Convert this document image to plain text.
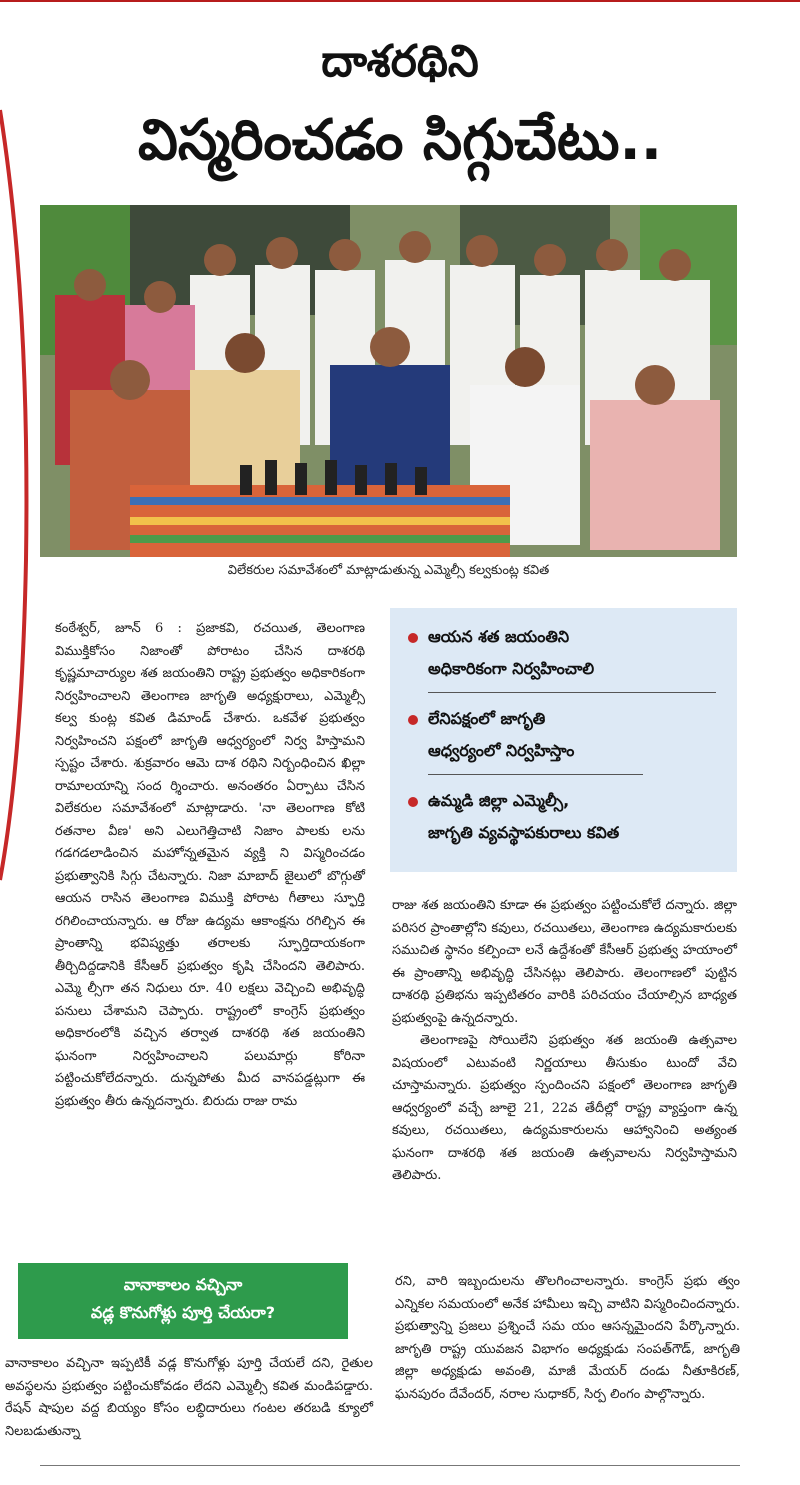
దాశరథిని
విస్మరించడం సిగ్గుచేటు..
విలేకరుల సమావేశంలో మాట్లాడుతున్న ఎమ్మెల్సీ కల్వకుంట్ల కవిత

కంఠేశ్వర్, జూన్ 6 : ప్రజాకవి, రచయిత, తెలంగాణ విముక్తికోసం నిజాంతో పోరాటం చేసిన దాశరథి కృష్ణమాచార్యుల శత జయంతిని రాష్ట్ర ప్రభుత్వం అధికారికంగా నిర్వహించాలని తెలంగాణ జాగృతి అధ్యక్షురాలు, ఎమ్మెల్సీ కల్వ కుంట్ల కవిత డిమాండ్ చేశారు. ఒకవేళ ప్రభుత్వం నిర్వహించని పక్షంలో జాగృతి ఆధ్వర్యంలో నిర్వ హిస్తామని స్పష్టం చేశారు. శుక్రవారం ఆమె దాశ రథిని నిర్బంధించిన ఖిల్లా రామాలయాన్ని సంద ర్శించారు. అనంతరం ఏర్పాటు చేసిన విలేకరుల సమావేశంలో మాట్లాడారు. 'నా తెలంగాణ కోటి రతనాల వీణ' అని ఎలుగెత్తిచాటి నిజాం పాలకు లను గడగడలాడించిన మహోన్నతమైన వ్యక్తి ని విస్మరించడం ప్రభుత్వానికి సిగ్గు చేటన్నారు. నిజా మాబాద్ జైలులో బొగ్గుతో ఆయన రాసిన తెలంగాణ విముక్తి పోరాట గీతాలు స్ఫూర్తి రగిలించాయన్నారు. ఆ రోజు ఉద్యమ ఆకాంక్షను రగిల్చిన ఈ ప్రాంతాన్ని భవిష్యత్తు తరాలకు స్ఫూర్తిదాయకంగా తీర్చిదిద్దడానికి కేసీఆర్ ప్రభుత్వం కృషి చేసిందని తెలిపారు. ఎమ్మె ల్సీగా తన నిధులు రూ. 40 లక్షలు వెచ్చించి అభివృద్ధి పనులు చేశామని చెప్పారు. రాష్ట్రంలో కాంగ్రెస్ ప్రభుత్వం అధికారంలోకి వచ్చిన తర్వాత దాశరథి శత జయంతిని ఘనంగా నిర్వహించాలని పలుమార్లు కోరినా పట్టించుకోలేదన్నారు. దున్నపోతు మీద వానపడ్డట్లుగా ఈ ప్రభుత్వం తీరు ఉన్నదన్నారు. బిరుదు రాజు రామ

ఆయన శత జయంతిని
అధికారికంగా నిర్వహించాలి
లేనిపక్షంలో జాగృతి
ఆధ్వర్యంలో నిర్వహిస్తాం
ఉమ్మడి జిల్లా ఎమ్మెల్సీ,
జాగృతి వ్యవస్థాపకురాలు కవిత

రాజు శత జయంతిని కూడా ఈ ప్రభుత్వం పట్టించుకోలే దన్నారు. జిల్లా పరిసర ప్రాంతాల్లోని కవులు, రచయితలు, తెలంగాణ ఉద్యమకారులకు సముచిత స్థానం కల్పించా లనే ఉద్దేశంతో కేసీఆర్ ప్రభుత్వ హయాంలో ఈ ప్రాంతాన్ని అభివృద్ధి చేసినట్లు తెలిపారు. తెలంగాణలో పుట్టిన దాశరథి ప్రతిభను ఇప్పటితరం వారికి పరిచయం చేయాల్సిన బాధ్యత ప్రభుత్వంపై ఉన్నదన్నారు.

తెలంగాణపై సోయిలేని ప్రభుత్వం శత జయంతి ఉత్సవాల విషయంలో ఎటువంటి నిర్ణయాలు తీసుకుం టుందో వేచి చూస్తామన్నారు. ప్రభుత్వం స్పందించని పక్షంలో తెలంగాణ జాగృతి ఆధ్వర్యంలో వచ్చే జూలై 21, 22వ తేదీల్లో రాష్ట్ర వ్యాప్తంగా ఉన్న కవులు, రచయితలు, ఉద్యమకారులను ఆహ్వానించి అత్యంత ఘనంగా దాశరథి శత జయంతి ఉత్సవాలను నిర్వహిస్తామని తెలిపారు.

వానాకాలం వచ్చినా
వడ్ల కొనుగోళ్లు పూర్తి చేయరా?

వానాకాలం వచ్చినా ఇప్పటికీ వడ్ల కొనుగోళ్లు పూర్తి చేయలే దని, రైతుల అవస్థలను ప్రభుత్వం పట్టించుకోవడం లేదని ఎమ్మెల్సీ కవిత మండిపడ్డారు. రేషన్ షాపుల వద్ద బియ్యం కోసం లబ్ధిదారులు గంటల తరబడి క్యూలో నిలబడుతున్నా

రని, వారి ఇబ్బందులను తొలగించాలన్నారు. కాంగ్రెస్ ప్రభు త్వం ఎన్నికల సమయంలో అనేక హామీలు ఇచ్చి వాటిని విస్మరించిందన్నారు. ప్రభుత్వాన్ని ప్రజలు ప్రశ్నించే సమ యం ఆసన్నమైందని పేర్కొన్నారు. జాగృతి రాష్ట్ర యువజన విభాగం అధ్యక్షుడు సంపత్‌గౌడ్, జాగృతి జిల్లా అధ్యక్షుడు అవంతి, మాజీ మేయర్ దండు నీతూకిరణ్, ఘనపురం దేవేందర్, నరాల సుధాకర్, సిర్ప లింగం పాల్గొన్నారు.
